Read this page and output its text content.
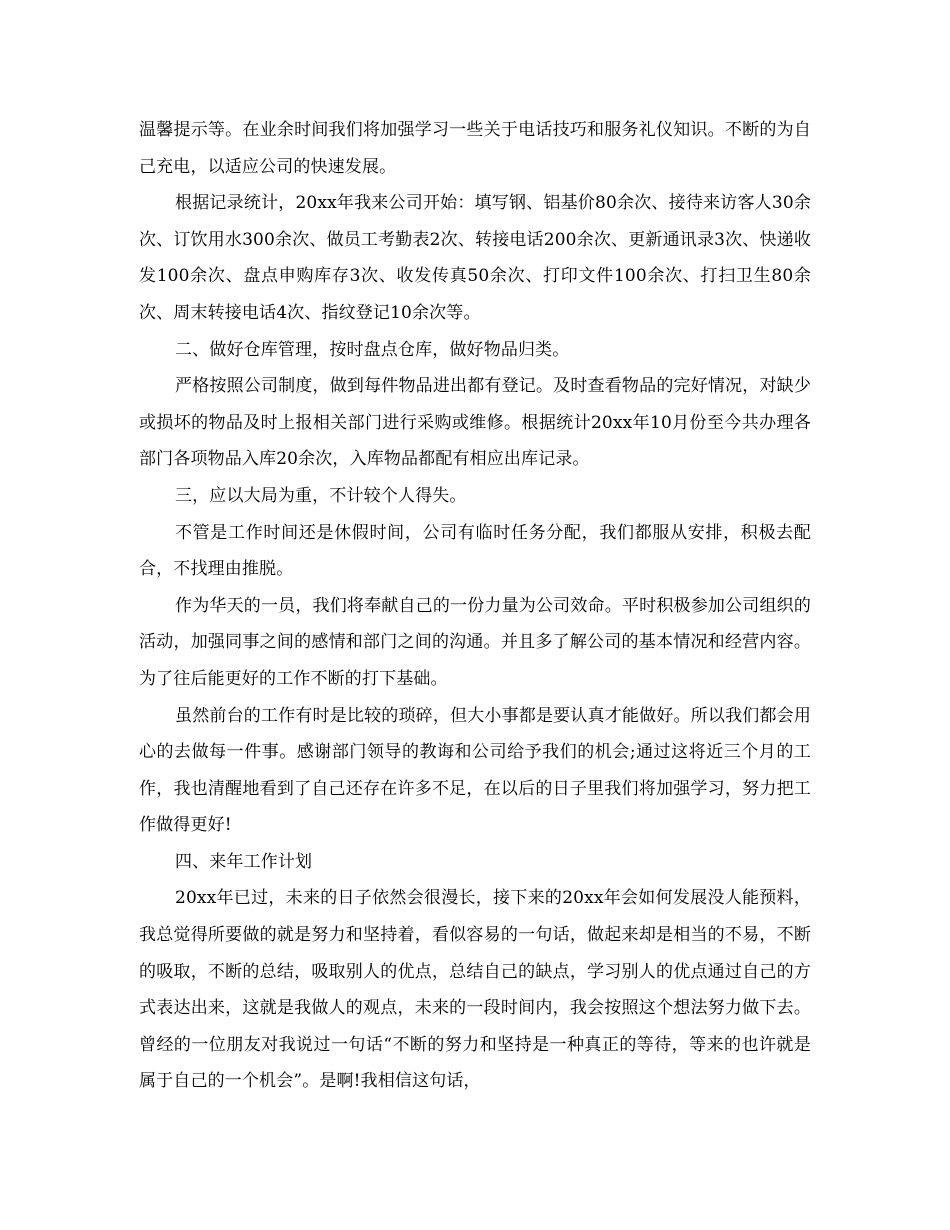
温馨提示等。在业余时间我们将加强学习一些关于电话技巧和服务礼仪知识。不断的为自己充电，以适应公司的快速发展。

根据记录统计，20xx年我来公司开始：填写钢、铝基价80余次、接待来访客人30余次、订饮用水300余次、做员工考勤表2次、转接电话200余次、更新通讯录3次、快递收发100余次、盘点申购库存3次、收发传真50余次、打印文件100余次、打扫卫生80余次、周末转接电话4次、指纹登记10余次等。

二、做好仓库管理，按时盘点仓库，做好物品归类。

严格按照公司制度，做到每件物品进出都有登记。及时查看物品的完好情况，对缺少或损坏的物品及时上报相关部门进行采购或维修。根据统计20xx年10月份至今共办理各部门各项物品入库20余次，入库物品都配有相应出库记录。

三，应以大局为重，不计较个人得失。

不管是工作时间还是休假时间，公司有临时任务分配，我们都服从安排，积极去配合，不找理由推脱。

作为华天的一员，我们将奉献自己的一份力量为公司效命。平时积极参加公司组织的活动，加强同事之间的感情和部门之间的沟通。并且多了解公司的基本情况和经营内容。为了往后能更好的工作不断的打下基础。

虽然前台的工作有时是比较的琐碎，但大小事都是要认真才能做好。所以我们都会用心的去做每一件事。感谢部门领导的教诲和公司给予我们的机会;通过这将近三个月的工作，我也清醒地看到了自己还存在许多不足，在以后的日子里我们将加强学习，努力把工作做得更好!

四、来年工作计划

20xx年已过，未来的日子依然会很漫长，接下来的20xx年会如何发展没人能预料，我总觉得所要做的就是努力和坚持着，看似容易的一句话，做起来却是相当的不易，不断的吸取，不断的总结，吸取别人的优点，总结自己的缺点，学习别人的优点通过自己的方式表达出来，这就是我做人的观点，未来的一段时间内，我会按照这个想法努力做下去。曾经的一位朋友对我说过一句话“不断的努力和坚持是一种真正的等待，等来的也许就是属于自己的一个机会”。是啊!我相信这句话，
